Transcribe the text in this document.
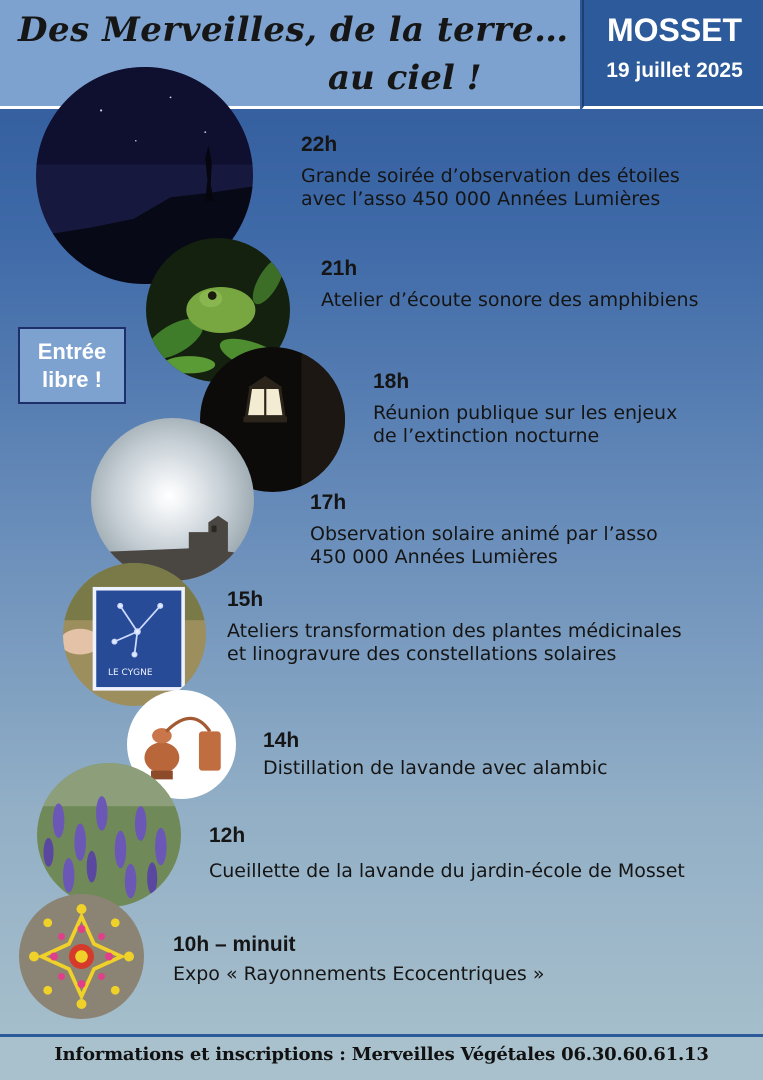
Des Merveilles, de la terre…
au ciel !
MOSSET
19 juillet 2025
Entrée libre !
LE CYGNE
22h
Grande soirée d’observation des étoiles
avec l’asso 450 000 Années Lumières
21h
Atelier d’écoute sonore des amphibiens
18h
Réunion publique sur les enjeux
de l’extinction nocturne
17h
Observation solaire animé par l’asso
450 000 Années Lumières
15h
Ateliers transformation des plantes médicinales
et linogravure des constellations solaires
14h
Distillation de lavande avec alambic
12h
Cueillette de la lavande du jardin-école de Mosset
10h – minuit
Expo « Rayonnements Ecocentriques »
Informations et inscriptions : Merveilles Végétales 06.30.60.61.13
